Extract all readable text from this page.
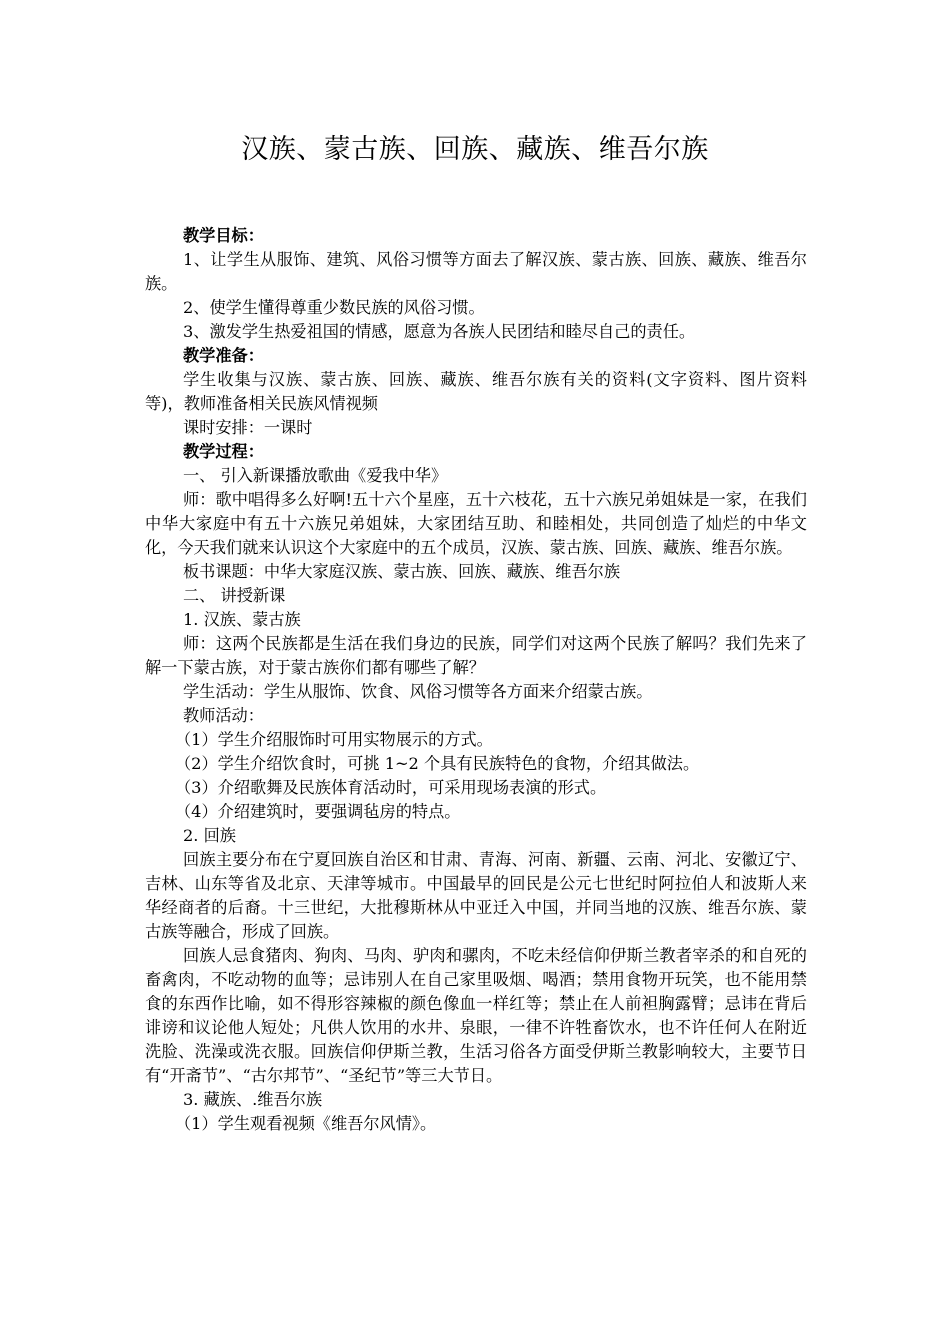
汉族、蒙古族、回族、藏族、维吾尔族

教学目标：

1、让学生从服饰、建筑、风俗习惯等方面去了解汉族、蒙古族、回族、藏族、维吾尔族。

2、使学生懂得尊重少数民族的风俗习惯。

3、激发学生热爱祖国的情感，愿意为各族人民团结和睦尽自己的责任。

教学准备：

学生收集与汉族、蒙古族、回族、藏族、维吾尔族有关的资料(文字资料、图片资料等)，教师准备相关民族风情视频

课时安排：一课时

教学过程：

一、 引入新课播放歌曲《爱我中华》

师：歌中唱得多么好啊!五十六个星座，五十六枝花，五十六族兄弟姐妹是一家，在我们中华大家庭中有五十六族兄弟姐妹，大家团结互助、和睦相处，共同创造了灿烂的中华文化，今天我们就来认识这个大家庭中的五个成员，汉族、蒙古族、回族、藏族、维吾尔族。

板书课题：中华大家庭汉族、蒙古族、回族、藏族、维吾尔族

二、 讲授新课

1. 汉族、蒙古族

师：这两个民族都是生活在我们身边的民族，同学们对这两个民族了解吗？我们先来了解一下蒙古族，对于蒙古族你们都有哪些了解？

学生活动：学生从服饰、饮食、风俗习惯等各方面来介绍蒙古族。

教师活动：

（1）学生介绍服饰时可用实物展示的方式。

（2）学生介绍饮食时，可挑 1~2 个具有民族特色的食物，介绍其做法。

（3）介绍歌舞及民族体育活动时，可采用现场表演的形式。

（4）介绍建筑时，要强调毡房的特点。

2. 回族

回族主要分布在宁夏回族自治区和甘肃、青海、河南、新疆、云南、河北、安徽辽宁、吉林、山东等省及北京、天津等城市。中国最早的回民是公元七世纪时阿拉伯人和波斯人来华经商者的后裔。十三世纪，大批穆斯林从中亚迁入中国，并同当地的汉族、维吾尔族、蒙古族等融合，形成了回族。

回族人忌食猪肉、狗肉、马肉、驴肉和骡肉，不吃未经信仰伊斯兰教者宰杀的和自死的畜禽肉，不吃动物的血等；忌讳别人在自己家里吸烟、喝酒；禁用食物开玩笑，也不能用禁食的东西作比喻，如不得形容辣椒的颜色像血一样红等；禁止在人前袒胸露臂；忌讳在背后诽谤和议论他人短处；凡供人饮用的水井、泉眼，一律不许牲畜饮水，也不许任何人在附近洗脸、洗澡或洗衣服。回族信仰伊斯兰教，生活习俗各方面受伊斯兰教影响较大，主要节日有“开斋节”、“古尔邦节”、“圣纪节”等三大节日。

3. 藏族、.维吾尔族

（1）学生观看视频《维吾尔风情》。
